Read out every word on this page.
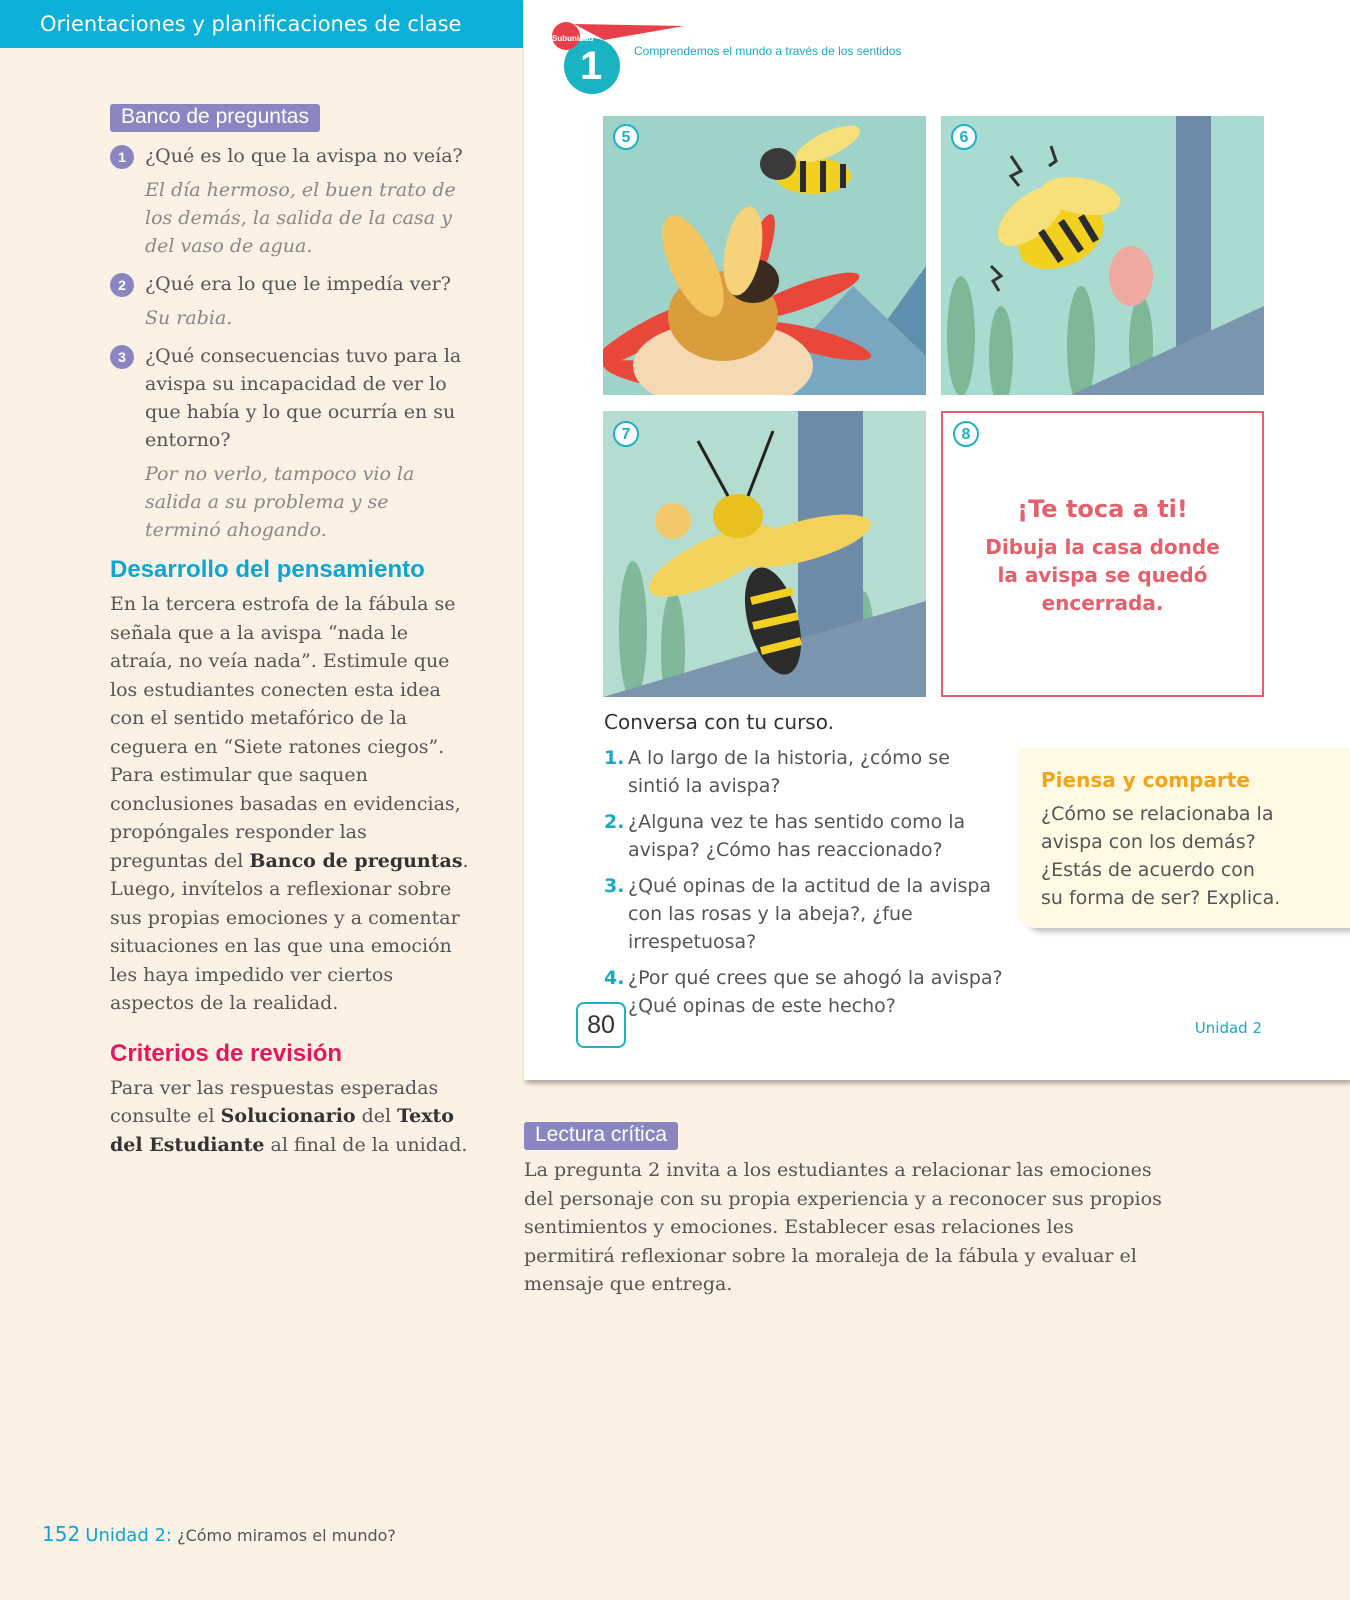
Orientaciones y planificaciones de clase
Banco de preguntas
1	¿Qué es lo que la avispa no veía?
El día hermoso, el buen trato de los demás, la salida de la casa y del vaso de agua.
2	¿Qué era lo que le impedía ver?
Su rabia.
3	¿Qué consecuencias tuvo para la avispa su incapacidad de ver lo que había y lo que ocurría en su entorno?
Por no verlo, tampoco vio la salida a su problema y se terminó ahogando.
Desarrollo del pensamiento

En la tercera estrofa de la fábula se señala que a la avispa “nada le atraía, no veía nada”. Estimule que los estudiantes conecten esta idea con el sentido metafórico de la ceguera en “Siete ratones ciegos”. Para estimular que saquen conclusiones basadas en evidencias, propóngales responder las preguntas del Banco de preguntas. Luego, invítelos a reflexionar sobre sus propias emociones y a comentar situaciones en las que una emoción les haya impedido ver ciertos aspectos de la realidad.

Criterios de revisión

Para ver las respuestas esperadas consulte el Solucionario del Texto del Estudiante al final de la unidad.

Subunidad
1	Comprendemos el mundo a través de los sentidos
5	6
7	8
¡Te toca a ti!
Dibuja la casa donde la avispa se quedó encerrada.
Conversa con tu curso.
1. A lo largo de la historia, ¿cómo se sintió la avispa?
2. ¿Alguna vez te has sentido como la avispa? ¿Cómo has reaccionado?
3. ¿Qué opinas de la actitud de la avispa con las rosas y la abeja?, ¿fue irrespetuosa?
4. ¿Por qué crees que se ahogó la avispa? ¿Qué opinas de este hecho?
Piensa y comparte
¿Cómo se relacionaba la avispa con los demás? ¿Estás de acuerdo con su forma de ser? Explica.
80	Unidad 2
Lectura crítica

La pregunta 2 invita a los estudiantes a relacionar las emociones del personaje con su propia experiencia y a reconocer sus propios sentimientos y emociones. Establecer esas relaciones les permitirá reflexionar sobre la moraleja de la fábula y evaluar el mensaje que entrega.

152 Unidad 2: ¿Cómo miramos el mundo?
